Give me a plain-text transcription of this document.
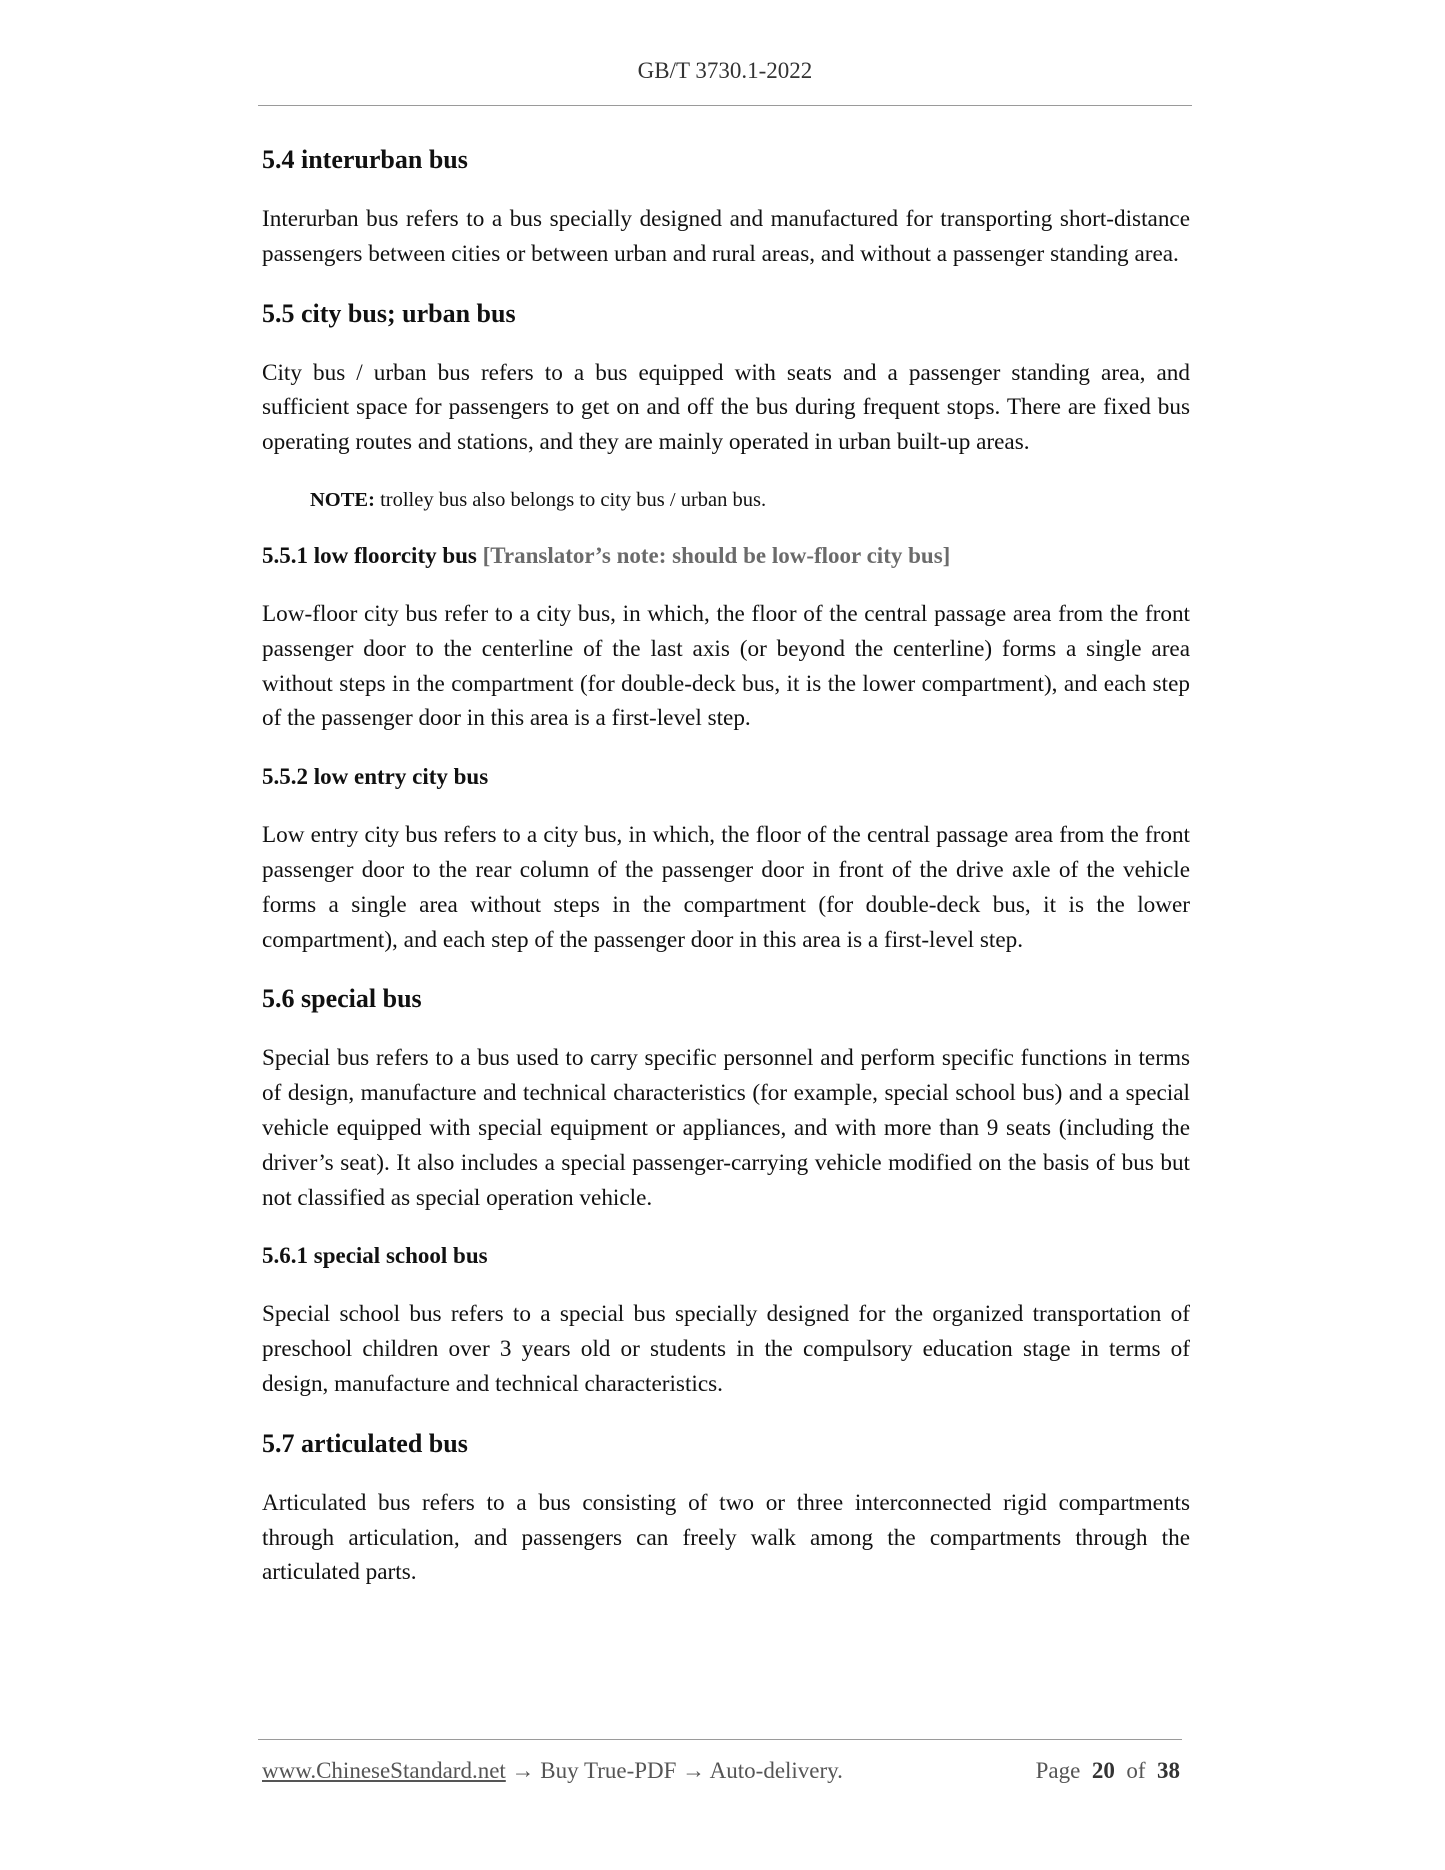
GB/T 3730.1-2022
5.4 interurban bus
Interurban bus refers to a bus specially designed and manufactured for transporting short-distance passengers between cities or between urban and rural areas, and without a passenger standing area.
5.5 city bus; urban bus
City bus / urban bus refers to a bus equipped with seats and a passenger standing area, and sufficient space for passengers to get on and off the bus during frequent stops. There are fixed bus operating routes and stations, and they are mainly operated in urban built-up areas.
NOTE: trolley bus also belongs to city bus / urban bus.
5.5.1 low floorcity bus [Translator’s note: should be low-floor city bus]
Low-floor city bus refer to a city bus, in which, the floor of the central passage area from the front passenger door to the centerline of the last axis (or beyond the centerline) forms a single area without steps in the compartment (for double-deck bus, it is the lower compartment), and each step of the passenger door in this area is a first-level step.
5.5.2 low entry city bus
Low entry city bus refers to a city bus, in which, the floor of the central passage area from the front passenger door to the rear column of the passenger door in front of the drive axle of the vehicle forms a single area without steps in the compartment (for double-deck bus, it is the lower compartment), and each step of the passenger door in this area is a first-level step.
5.6 special bus
Special bus refers to a bus used to carry specific personnel and perform specific functions in terms of design, manufacture and technical characteristics (for example, special school bus) and a special vehicle equipped with special equipment or appliances, and with more than 9 seats (including the driver’s seat). It also includes a special passenger-carrying vehicle modified on the basis of bus but not classified as special operation vehicle.
5.6.1 special school bus
Special school bus refers to a special bus specially designed for the organized transportation of preschool children over 3 years old or students in the compulsory education stage in terms of design, manufacture and technical characteristics.
5.7 articulated bus
Articulated bus refers to a bus consisting of two or three interconnected rigid compartments through articulation, and passengers can freely walk among the compartments through the articulated parts.
www.ChineseStandard.net → Buy True-PDF → Auto-delivery.	Page 20 of 38
